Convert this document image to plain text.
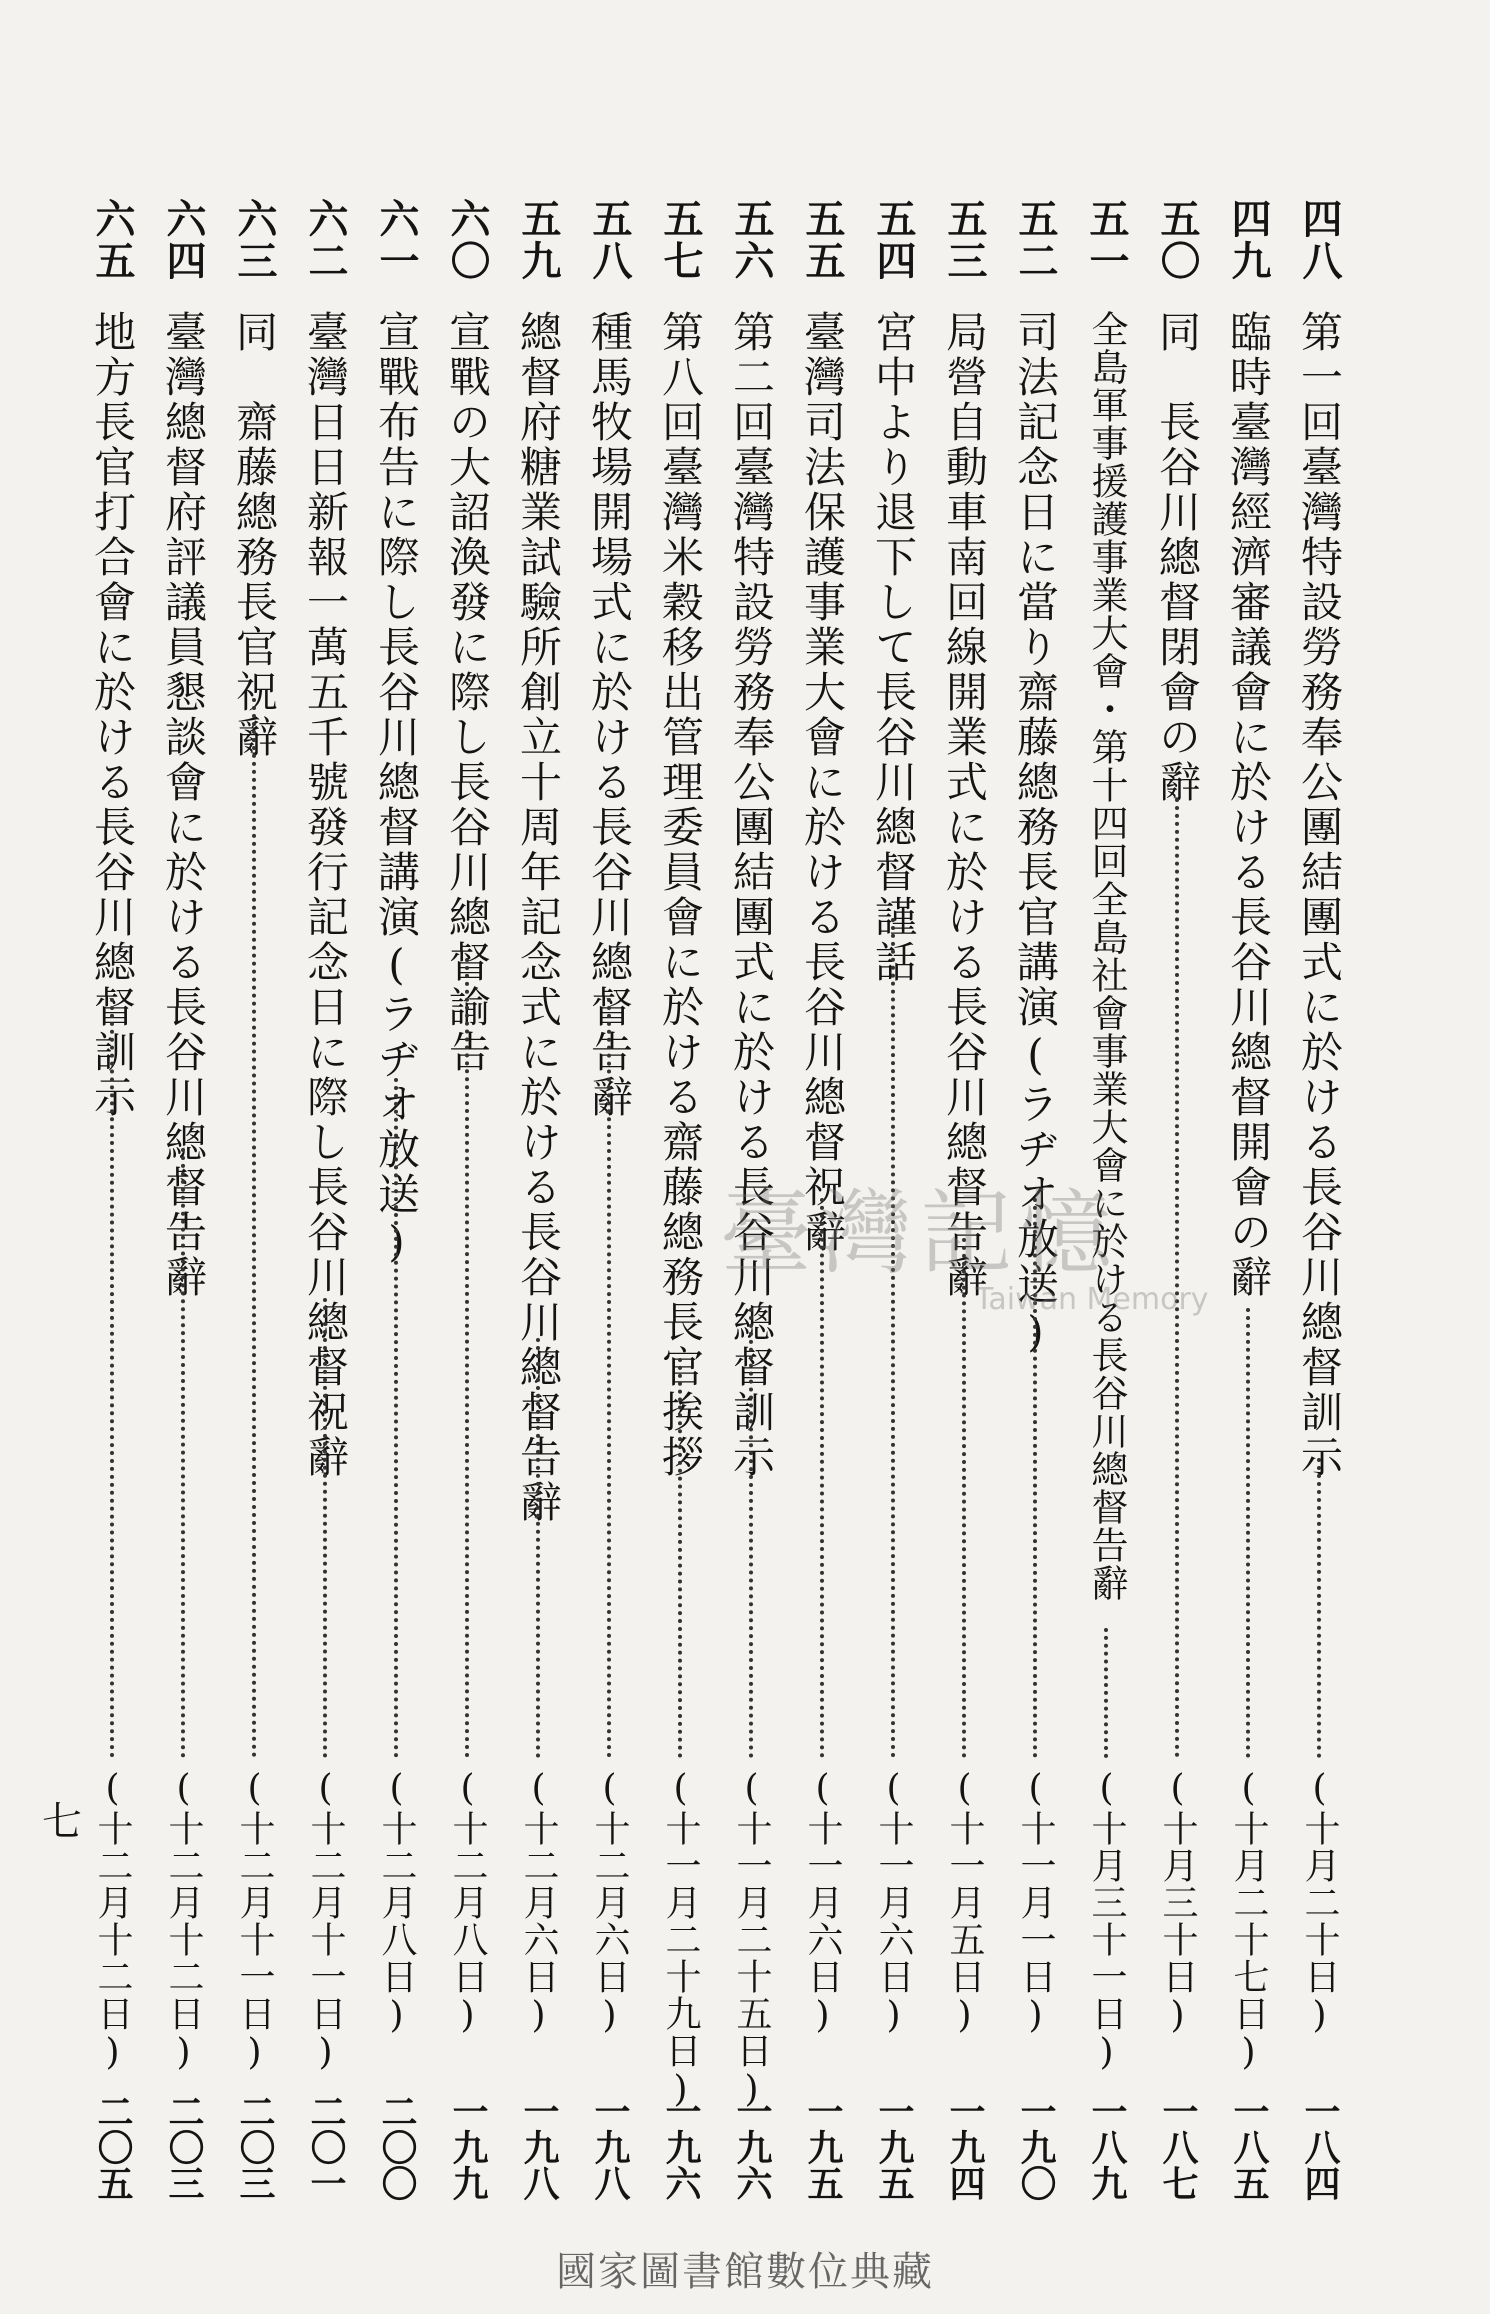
四八
第一回臺灣特設勞務奉公團結團式に於ける長谷川總督訓示
(十月二十日)
一八四
四九
臨時臺灣經濟審議會に於ける長谷川總督開會の辭
(十月二十七日)
一八五
五〇
同　長谷川總督閉會の辭
(十月三十日)
一八七
五一
全島軍事援護事業大會・第十四回全島社會事業大會に於ける長谷川總督告辭
(十月三十一日)
一八九
五二
司法記念日に當り齋藤總務長官講演(ラヂオ放送)
(十一月一日)
一九〇
五三
局營自動車南回線開業式に於ける長谷川總督告辭
(十一月五日)
一九四
五四
宮中より退下して長谷川總督謹話
(十一月六日)
一九五
五五
臺灣司法保護事業大會に於ける長谷川總督祝辭
(十一月六日)
一九五
五六
第二回臺灣特設勞務奉公團結團式に於ける長谷川總督訓示
(十一月二十五日)
一九六
五七
第八回臺灣米穀移出管理委員會に於ける齋藤總務長官挨拶
(十一月二十九日)
一九六
五八
種馬牧場開場式に於ける長谷川總督告辭
(十二月六日)
一九八
五九
總督府糖業試驗所創立十周年記念式に於ける長谷川總督告辭
(十二月六日)
一九八
六〇
宣戰の大詔渙發に際し長谷川總督諭告
(十二月八日)
一九九
六一
宣戰布告に際し長谷川總督講演(ラヂオ放送)
(十二月八日)
二〇〇
六二
臺灣日日新報一萬五千號發行記念日に際し長谷川總督祝辭
(十二月十一日)
二〇一
六三
同　齋藤總務長官祝辭
(十二月十一日)
二〇三
六四
臺灣總督府評議員懇談會に於ける長谷川總督告辭
(十二月十二日)
二〇三
六五
地方長官打合會に於ける長谷川總督訓示
(十二月十二日)
二〇五
七
臺灣記憶
Taiwan Memory
國家圖書館數位典藏
